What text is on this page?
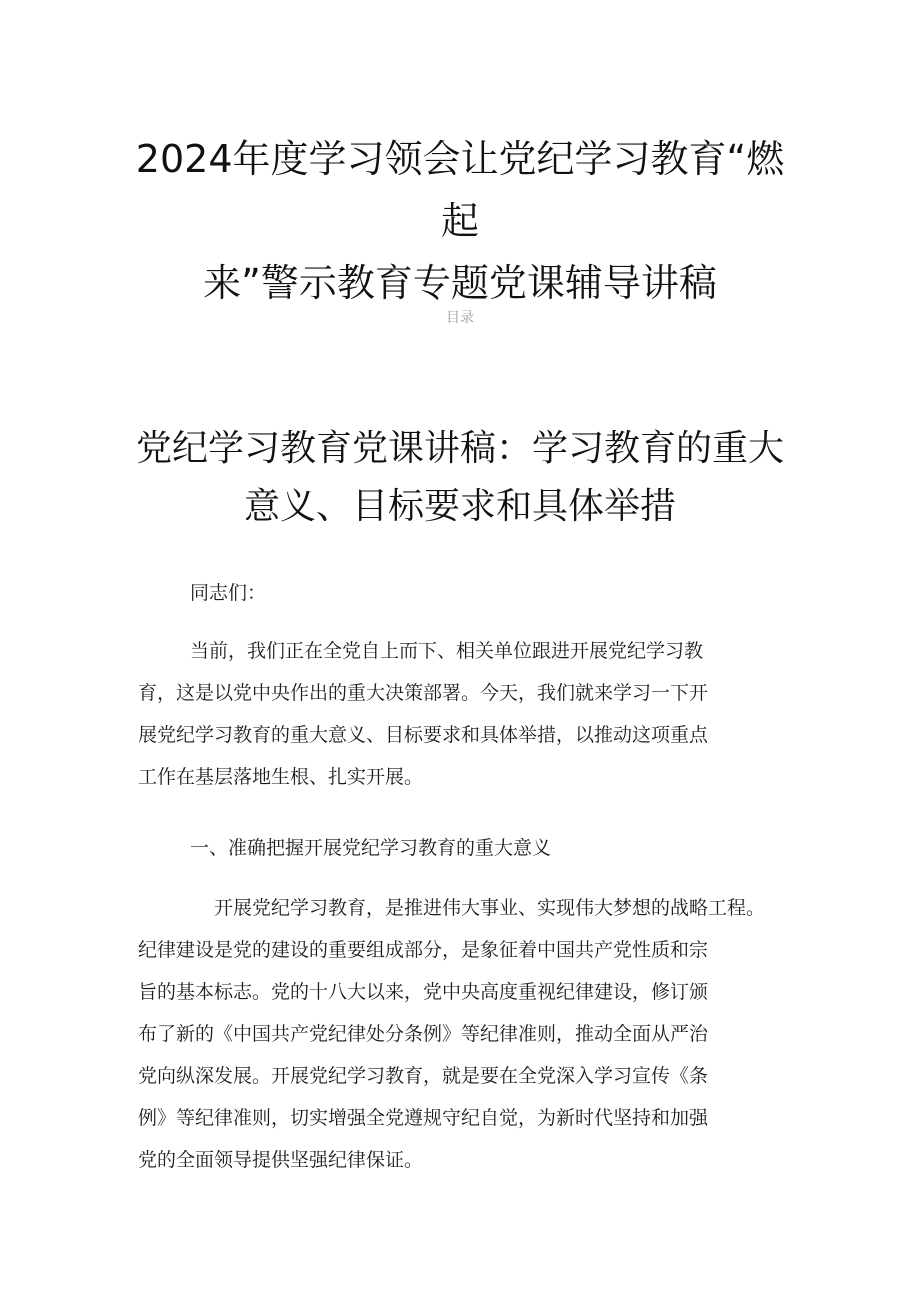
2024年度学习领会让党纪学习教育“燃起
来”警示教育专题党课辅导讲稿
目录
党纪学习教育党课讲稿：学习教育的重大
意义、目标要求和具体举措
同志们：
当前，我们正在全党自上而下、相关单位跟进开展党纪学习教
育，这是以党中央作出的重大决策部署。今天，我们就来学习一下开
展党纪学习教育的重大意义、目标要求和具体举措，以推动这项重点
工作在基层落地生根、扎实开展。
一、准确把握开展党纪学习教育的重大意义
开展党纪学习教育，是推进伟大事业、实现伟大梦想的战略工程。
纪律建设是党的建设的重要组成部分，是象征着中国共产党性质和宗
旨的基本标志。党的十八大以来，党中央高度重视纪律建设，修订颁
布了新的《中国共产党纪律处分条例》等纪律准则，推动全面从严治
党向纵深发展。开展党纪学习教育，就是要在全党深入学习宣传《条
例》等纪律准则，切实增强全党遵规守纪自觉，为新时代坚持和加强
党的全面领导提供坚强纪律保证。
